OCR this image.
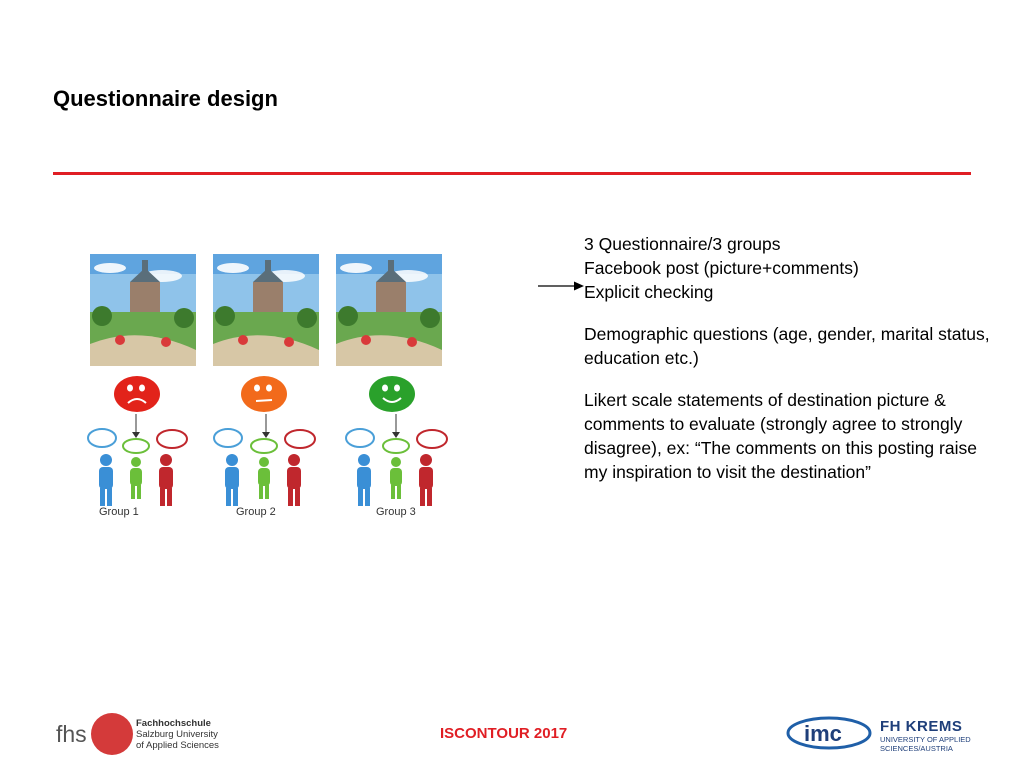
Questionnaire design
Group 1	Group 2	Group 3

3 Questionnaire/3 groups

Facebook post (picture+comments)

Explicit checking

Demographic questions (age, gender, marital status, education etc.)

Likert scale statements of destination picture & comments to evaluate (strongly agree to strongly disagree), ex: “The comments on this posting raise my inspiration to visit the destination”

fhs	Fachhochschule
Salzburg University
of Applied Sciences
ISCONTOUR 2017	imc	FH KREMS
UNIVERSITY OF APPLIED
SCIENCES/AUSTRIA
